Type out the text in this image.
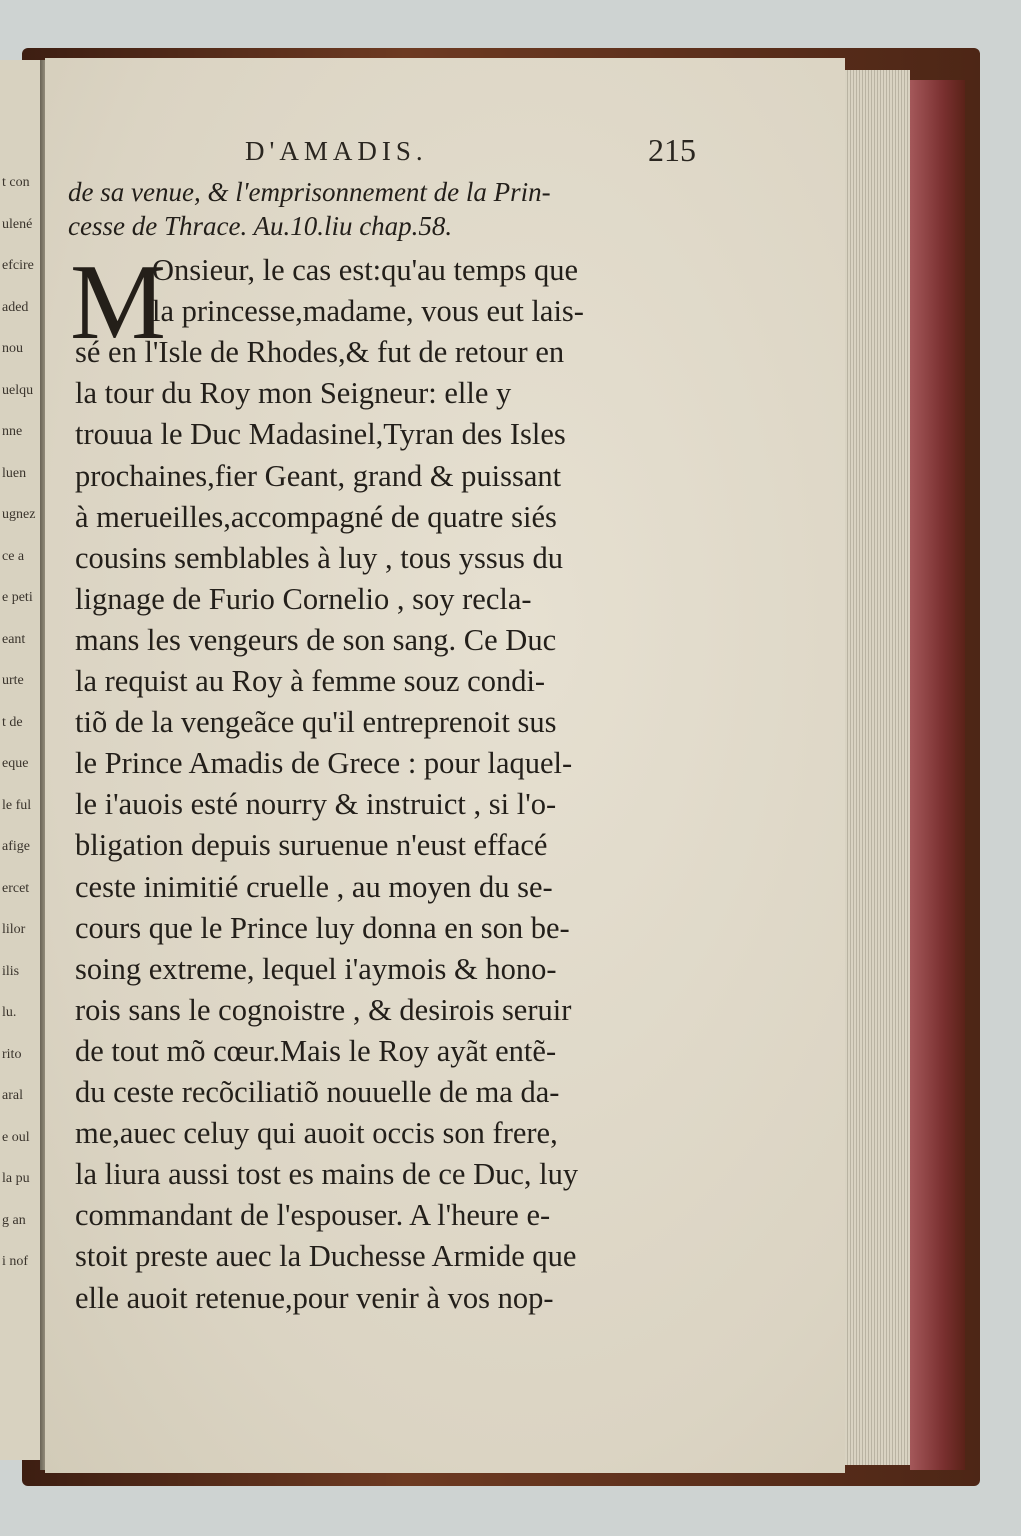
t con
ulené
efcire
aded
nou
uelqu
nne
luen
ugnez
ce a
e peti
eant
urte
t de
eque
le ful
afige
ercet
lilor
ilis
lu.
rito
aral
e oul
la pu
g an
i nof
D'AMADIS.	215
de sa venue, & l'emprisonnement de la Prin-
cesse de Thrace. Au.10.liu chap.58.
M
Onsieur, le cas est:qu'au temps que
la princesse,madame, vous eut lais-
sé en l'Isle de Rhodes,& fut de retour en
la tour du Roy mon Seigneur: elle y
trouua le Duc Madasinel,Tyran des Isles
prochaines,fier Geant, grand & puissant
à merueilles,accompagné de quatre siés
cousins semblables à luy , tous yssus du
lignage de Furio Cornelio , soy recla-
mans les vengeurs de son sang. Ce Duc
la requist au Roy à femme souz condi-
tiõ de la vengeãce qu'il entreprenoit sus
le Prince Amadis de Grece : pour laquel-
le i'auois esté nourry & instruict , si l'o-
bligation depuis suruenue n'eust effacé
ceste inimitié cruelle , au moyen du se-
cours que le Prince luy donna en son be-
soing extreme, lequel i'aymois & hono-
rois sans le cognoistre , & desirois seruir
de tout mõ cœur.Mais le Roy ayãt entẽ-
du ceste recõciliatiõ nouuelle de ma da-
me,auec celuy qui auoit occis son frere,
la liura aussi tost es mains de ce Duc, luy
commandant de l'espouser. A l'heure e-
stoit preste auec la Duchesse Armide que
elle auoit retenue,pour venir à vos nop-
